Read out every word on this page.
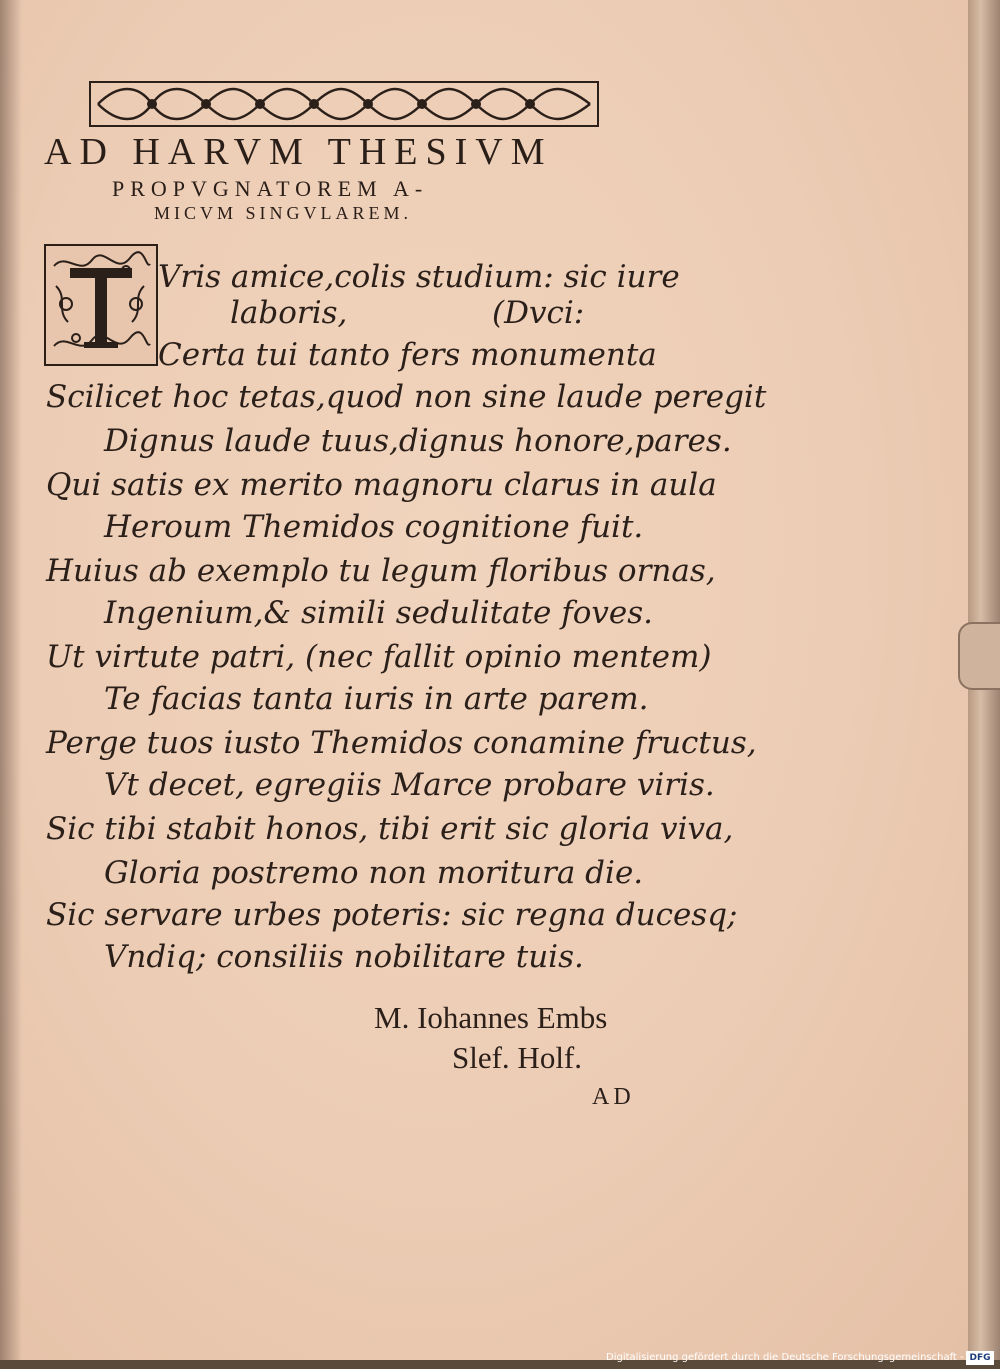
AD HARVM THESIVM
PROPVGNATOREM A-
MICVM SINGVLAREM.
Vris amice,colis studium: sic iure
laboris,	(Dvci:
Certa tui tanto fers monumenta
Scilicet hoc tetas,quod non sine laude peregit
Dignus laude tuus,dignus honore,pares.
Qui satis ex merito magnoru clarus in aula
Heroum Themidos cognitione fuit.
Huius ab exemplo tu legum floribus ornas,
Ingenium,& simili sedulitate foves.
Ut virtute patri, (nec fallit opinio mentem)
Te facias tanta iuris in arte parem.
Perge tuos iusto Themidos conamine fructus,
Vt decet, egregiis Marce probare viris.
Sic tibi stabit honos, tibi erit sic gloria viva,
Gloria postremo non moritura die.
Sic servare urbes poteris: sic regna ducesq;
Vndiq; consiliis nobilitare tuis.
M. Iohannes Embs
Slef. Holf.
AD
Digitalisierung gefördert durch die Deutsche Forschungsgemeinschaft - DFG
